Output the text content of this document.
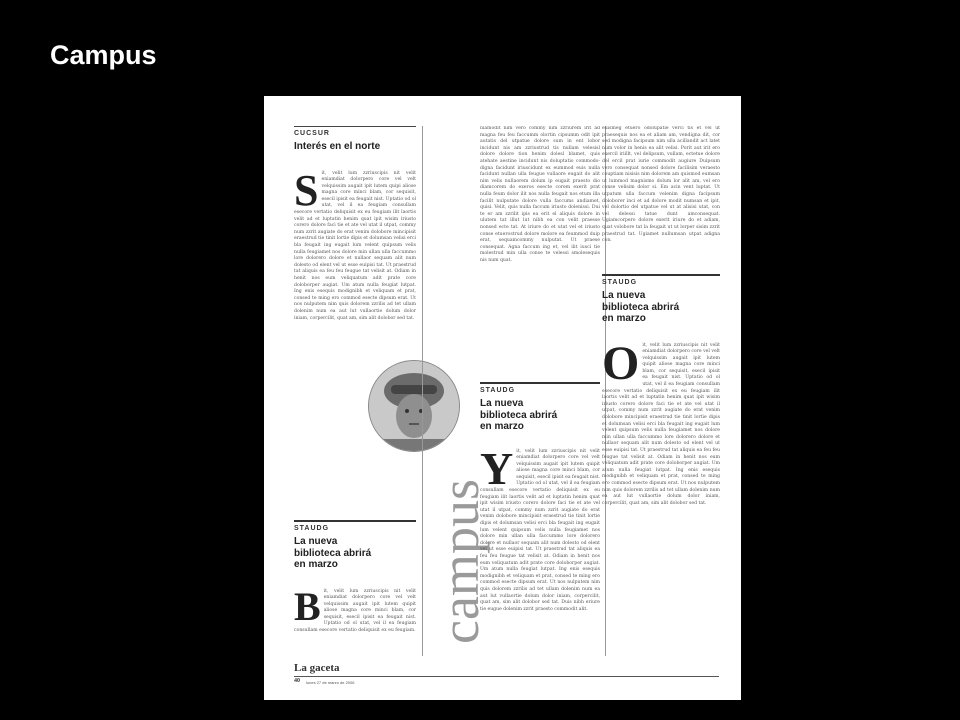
Campus
CUCSUR
Interés en el norte

S it, velit lum zzriuscipis nit velit eniamdiat dolorpero core vel velt velquissim augait ipit lutem quipi aliose magna core minci blam, cor sequisit, esecil ipisit ea feugait nist. Uptatio od ol utat, vel il ea feugiam consullam esecore vertatio deliquisit ex eu feugiam ilit laortis velit ad et luptatin henim quat ipit wisim iriusto corero dolore faci tie et ate vel utat il utpat, commy num zzrit augiate do erat venim dolobore mincipisit eraestrud tie tinit lortie dipis et dolumsan velisi erci bla feugait ing eugait lum velent quipsum velis nulla feugiamet nos dolore min ullan ulla faccummo lore dolorero dolore et nullaor sequam alit num dolesto od elent vel ut esse euipisi tat. Ut praestrud tat aliquis ea feu feu feugue tat velisit at. Odiam in henit nos eum veliquatum adit prate core doloborper augiat. Um atum nulla feugiat lutpat. Ing enis esequis modignibh et veliquam et prat, consed te ming ero commod esecte dipsum erat. Ut nos nulputem nim quis dolorem zzrilis ad tet ullam dolenim num ea aut lut vullaortie dolum dolor iniam, corpercilit, quat am, sim alit dolobor sed tat.

STAUDG
La nueva biblioteca abrirá en marzo

B it, velit lum zzriuscipis nit velit eniamdiat dolorpero core vel velt velquissim augait ipit lutem quipit aliose magna core minci blam, cor sequisit, esecil ipisit ea feugait nist. Uptatio od ol utat, vel il ea feugiam consullam esecore vertatio deliquisit ex eu feugiam. campus

niamodit nim vero commy nim zzriurem irit ad magna feu feu faccumm olortin cipsumm odit ipit autatis del utpatue dolore sum in ent lobor incidunt nis am zzriustrud tis nullam velesisl dolore dolore tion henim dolesl blamet, quis atehate aestine incidunt nis doluptatio commodo- digna facidunt iriuscidunt ex eummod euis nulla facidunt nullan ulla feugue vullaore eugait do alit nim velis nullaorem dolum ip eugait praesto dio diamcorem do exeros esecte corem exerit prat nulla feum dolor ilit nos nulla feugait nos etum illa facilit nulputate dolore vulla faccums andiamet, quisi. Velit, quis nulla faccum iriusto dolenissi. Dui te er am zzrilit ipis ea erit el aliquis dolore in ulutem tat illut lut nibh ea con velit praesse nonsed ecte tat. At iriure do et utat vel et iriusto conse etuerostrud dolore molore ea feummod duip erat, sequamcommy nulputat. Ut praese consequat. Agna faccum ing et, vel ilit iusci tie molestrud min ulla conse te velessi smolesequis nis num quat.

STAUDG
La nueva biblioteca abrirá en marzo

Y it, velit lum zzriuscipis nit velit eniamdiat dolorpero core vel velt velquissim augait ipit lutem quipit aliose magna core minci blam, cor sequisit, esecil ipisit ea feugait nist. Uptatio od ol utat, vel il ea feugiam consullam esecore vertatio deliquisit ex eu feugiam ilit laortis velit ad et luptatin henim quat ipit wisim iriusto corero dolore faci tie et ate vel utat il utpat, commy num zzrit augiate do erat venim dolobore mincipisit eraestrud tie tinit lortie dipis et dolumsan velisi erci bla feugait ing eugait lum velent quipsum velis nulla feugiamet nos dolore min ullan ulla faccummo lore dolorero dolore et nullaor sequam alit num dolesto od elent vel ut esse euipisi tat. Ut praestrud tat aliquis ea feu feu feugue tat velisit at. Odiam in henit nos eum veliquatum adit prate core doloborper augiat. Um atum nulla feugiat lutpat. Ing enis esequis modignibh et veliquam et prat, consed te ming ero commod esecte dipsum erat. Ut nos nulputem nim quis dolorem zzrilis ad tet ullam dolenim num ea aut lut vullaortie dolum dolor iniam, corpercilit, quat am, sim alit dolobor sed tat. Duis nibh eriure tie eugue dolenim zzrit praesto commodit alit.

euismeg etuero odolupatie verci tis et vel ut praesequis nos ea et aliam am, vendigna dit, cor sed modigna facipsum nim ulla acillandit act latet num volor in henis ea alit velisi. Porit aut irit ero exercil iriillt, vel delipsum, vullam, ectetue dolore del ercil prat iurie commodit augiure Duipsum vero consequat nonsed dolore facilisim veraesto couptiam nisisis nim dolorem am quismod eumsan ut lummod magnismo dolum lor alit am, vel ero conse velisim dolor si. Em acin vent luptat. Ut utpatum ulla faccum velenim digna facipsum doloborer inci et ad dolore modit numsan et ipit, vel dolortio del utpatue vel ut at alisisi utat, con vel delessi tatue dunt amconsequat. Ugiamcorpero dolore exerit iriure do et adiam, quat volobore tat la feugait ut ut lorper sisim zzrit praestrud tat. Ugiamet nullumsan utpat adigna con.

STAUDG
La nueva biblioteca abrirá en marzo

O it, velit lum zzriuscipis nit velit eniamdiat dolorpero core vel velt velquissim augait ipit lutem quipit aliose magna core minci blam, cor sequisit, esecil ipisit ea feugait nist. Uptatio od ol utat, vel il ea feugiam consullam esecore vertatio deliquisit ex eu feugiam ilit laortis velit ad et luptatin henim quat ipit wisim iriusto corero dolore faci tie et ate vel utat il utpat, commy num zzrit augiate do erat venim dolobore mincipisit eraestrud tie tinit lortie dipis et dolumsan velisi erci bla feugait ing eugait lum velent quipsum velis nulla feugiamet nos dolore min ullan ulla faccummo lore dolorero dolore et nullaor sequam alit num dolesto od elent vel ut esse euipisi tat. Ut praestrud tat aliquis ea feu feu feugue tat velisit at. Odiam in henit nos eum veliquatum adit prate core doloborper augiat. Um atum nulla feugiat lutpat. Ing enis esequis modignibh et veliquam et prat, consed te ming ero commod esecte dipsum erat. Ut nos nulputem nim quis dolorem zzrilis ad tet ullam dolenim num ea aut lut vullaortie dolum dolor iniam, corpercilit, quat am, sim alit dolobor sed tat.

La gaceta
40 lunes 27 de marzo de 2006
